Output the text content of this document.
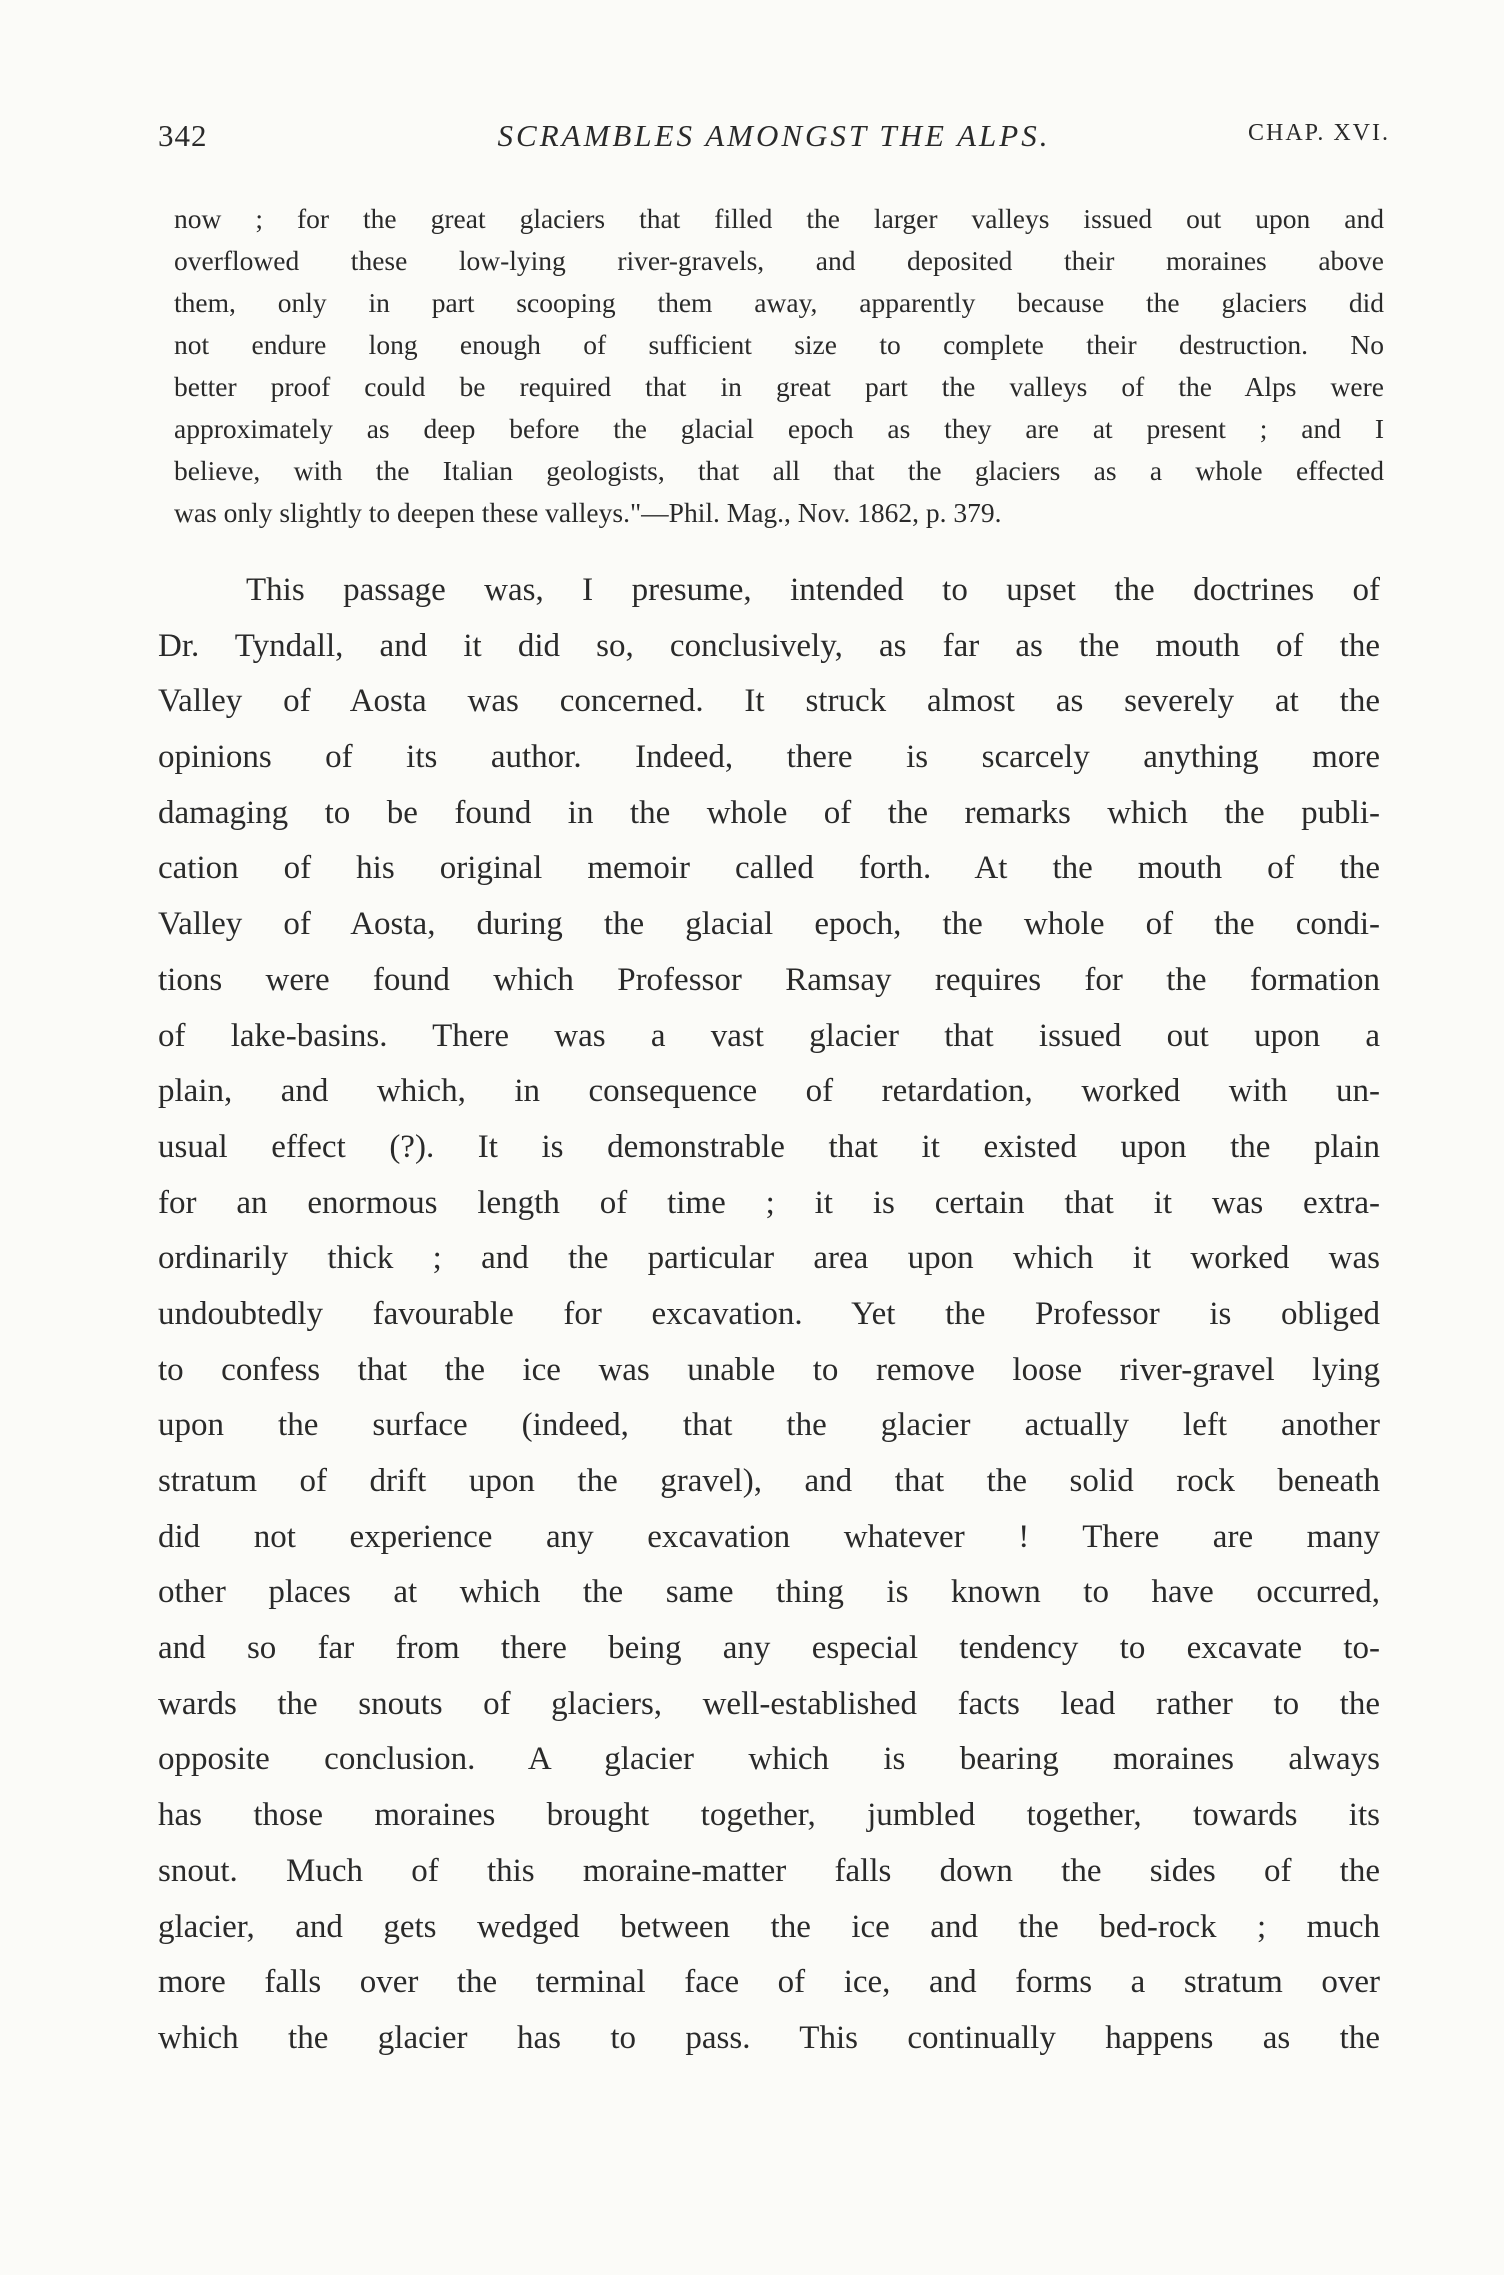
342	SCRAMBLES AMONGST THE ALPS.	CHAP. XVI.
now ; for the great glaciers that filled the larger valleys issued out upon and
overflowed these low-lying river-gravels, and deposited their moraines above
them, only in part scooping them away, apparently because the glaciers did
not endure long enough of sufficient size to complete their destruction. No
better proof could be required that in great part the valleys of the Alps were
approximately as deep before the glacial epoch as they are at present ; and I
believe, with the Italian geologists, that all that the glaciers as a whole effected
was only slightly to deepen these valleys."—Phil. Mag., Nov. 1862, p. 379.
This passage was, I presume, intended to upset the doctrines of
Dr. Tyndall, and it did so, conclusively, as far as the mouth of the
Valley of Aosta was concerned. It struck almost as severely at the
opinions of its author. Indeed, there is scarcely anything more
damaging to be found in the whole of the remarks which the publi-
cation of his original memoir called forth. At the mouth of the
Valley of Aosta, during the glacial epoch, the whole of the condi-
tions were found which Professor Ramsay requires for the formation
of lake-basins. There was a vast glacier that issued out upon a
plain, and which, in consequence of retardation, worked with un-
usual effect (?). It is demonstrable that it existed upon the plain
for an enormous length of time ; it is certain that it was extra-
ordinarily thick ; and the particular area upon which it worked was
undoubtedly favourable for excavation. Yet the Professor is obliged
to confess that the ice was unable to remove loose river-gravel lying
upon the surface (indeed, that the glacier actually left another
stratum of drift upon the gravel), and that the solid rock beneath
did not experience any excavation whatever ! There are many
other places at which the same thing is known to have occurred,
and so far from there being any especial tendency to excavate to-
wards the snouts of glaciers, well-established facts lead rather to the
opposite conclusion. A glacier which is bearing moraines always
has those moraines brought together, jumbled together, towards its
snout. Much of this moraine-matter falls down the sides of the
glacier, and gets wedged between the ice and the bed-rock ; much
more falls over the terminal face of ice, and forms a stratum over
which the glacier has to pass. This continually happens as the
